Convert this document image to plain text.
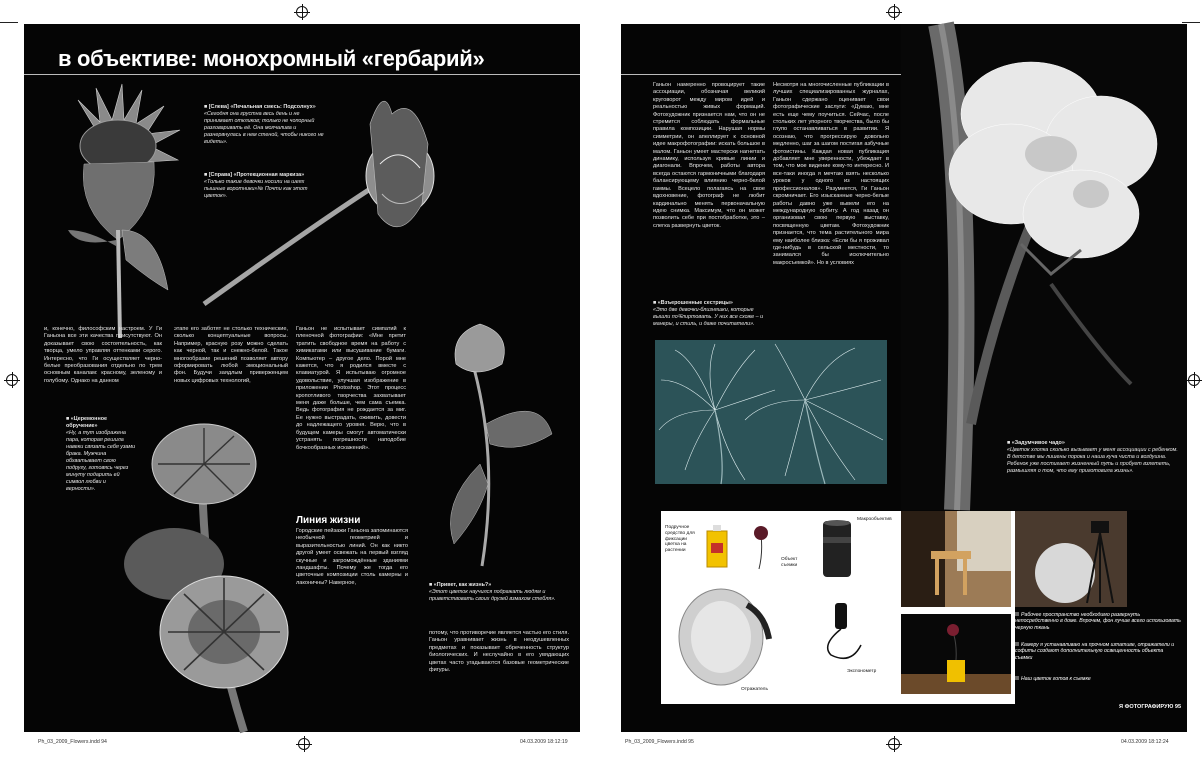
в объективе: монохромный «гербарий»
■ [Слева] «Печальная смесь: Подсолнух»
«Сегодня она грустна весь день и не принимает откликов; только не чопорный разговаривать её. Она молчалива и разнервнулась в нем стеной, чтобы никого не видеть».
■ [Справа] «Протекционная маркиза»
«Только такие девочки носили на шеях пышные воротники»№ Почти как этот цветок».
и, конечно, философским настроем. У Ги Ганьона все эти качества присутствуют. Он доказывает свою состоятельность, как творца, умело управляя оттенками серого. Интересно, что Ги осуществляет черно-белые преобразования отдельно по трем основным каналам: красному, зеленому и голубому. Однако на данном
этапе его заботят не столько технические, сколько концептуальные вопросы. Например, красную розу можно сделать как черной, так и снежно-белой. Такое многообразие решений позволяет автору оформировать любой эмоциональный фон. Будучи заядлым приверженцем новых цифровых технологий,
Ганьон не испытывает симпатий к пленочной фотографии: «Мне претит тратить свободное время на работу с химикатами или высушивание бумаги. Компьютер – другое дело. Порой мне кажется, что я родился вместе с клавиатурой. Я испытываю огромное удовольствие, улучшая изображение в приложении Photoshop. Этот процесс кропотливого творчества захватывает меня даже больше, чем сама съемка. Ведь фотография не рождается за миг. Ее нужно выстрадать, оживить, довести до надлежащего уровня. Верю, что в будущем камеры смогут автоматически устранять погрешности наподобие бочкообразных искажений».
Линия жизни
Городские пейзажи Ганьона запоминаются необычной геометрией и выразительностью линий. Он как никто другой умеет освежать на первый взгляд скучные и загромождённые зданиями ландшафты. Почему же тогда его цветочные композиции столь камерны и лаконичны? Наверное,
потому, что противоречие является частью его стиля. Ганьон уравнивает жизнь в неодушевленных предметах и показывает обреченность структур биологических. И неслучайно в его увядающих цветах часто угадываются базовые геометрические фигуры.
■ «Церемонное обручение»
«Ну, а тут изображена пара, которая решила навеки связать себя узами брака. Мужчина обхватывает свою подругу, готовясь через минуту подарить ей символ любви и верности».
■ «Привет, как жизнь?»
«Этот цветок научился подражать людям и приветствовать своих друзей взмахом стебля».
Ph_03_2009_Flowers.indd 94	04.03.2009 18:12:19
Ганьон намеренно провоцирует такие ассоциации, обозначая великий круговорот между миром идей и реальностью живых формаций. Фотохудожник признается нам, что он не стремится соблюдать формальные правила композиции. Нарушая нормы симметрии, он апеллирует к основной идее макрофотографии: искать большое в малом. Ганьон умеет мастерски нагнетать динамику, используя кривые линии и диагонали. Впрочем, работы автора всегда остаются гармоничными благодаря балансирующему влиянию черно-белой гаммы. Всецело полагаясь на свое вдохновение, фотограф не любит кардинально менять первоначальную идею снимка. Максимум, что он может позволить себе при постобработке, это – слегка развернуть цветок.
Несмотря на многочисленные публикации в лучших специализированных журналах, Ганьон сдержано оценивает свои фотографические заслуги: «Думаю, мне есть еще чему поучиться. Сейчас, после стольких лет упорного творчества, было бы глупо останавливаться в развитии. Я осознаю, что прогрессирую довольно медленно, шаг за шагом постигая азбучные фотоистины. Каждая новая публикация добавляет мне уверенности, убеждает в том, что мое видение кому-то интересно. И все-таки иногда я мечтаю взять несколько уроков у одного из настоящих профессионалов». Разумеется, Ги Ганьон скромничает. Его изысканные черно-белые работы давно уже вывели его на международную орбиту. А год назад он организовал свою первую выставку, посвященную цветам. Фотохудожник признается, что тема растительного мира ему наиболее близка: «Если бы я проживал где-нибудь в сельской местности, то занимался бы исключительно макросъемкой». Но в условиях
■ «Взъерошенные сестрицы»
«Это две девочки-близняшки, которые вышли поफлиртовать. У них все схоже – и манеры, и стиль, и даже почитатели».
■ «Задумчивое чадо»
«Цветок хлопка сколько вызывает у меня ассоциации с ребенком. В детстве мы лишены порока и наша куча чиста и воздушна. Ребенок уже постигает жизненный путь и пробует взлететь, размышляя о том, что ему приготовила жизнь».
Подручное средство для фиксации цветка на растении
Объект съемки
Макрообъектив
Отражатель
Экспонометр
Рабочее пространство необходимо развернуть непосредственно в доме. Впрочем, фон лучше всего использовать черную ткань
Камеру я устанавливаю на прочном штативе, отражатели и софиты создают дополнительную освещенность объекта съемки
Наш цветок готов к съемке
Я ФОТОГРАФИРУЮ 95
Ph_03_2009_Flowers.indd 95	04.03.2009 18:12:24
